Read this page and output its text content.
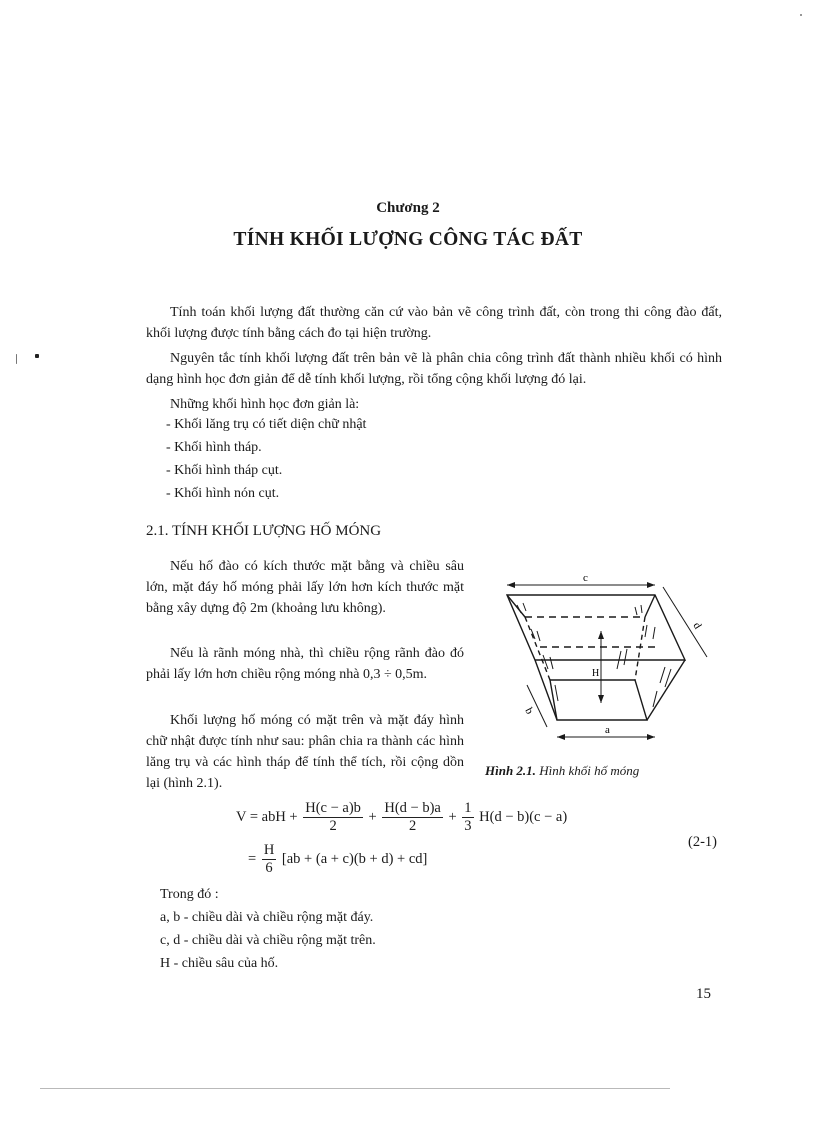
Chương 2
TÍNH KHỐI LƯỢNG CÔNG TÁC ĐẤT
Tính toán khối lượng đất thường căn cứ vào bản vẽ công trình đất, còn trong thi công đào đất, khối lượng được tính bằng cách đo tại hiện trường.
Nguyên tắc tính khối lượng đất trên bản vẽ là phân chia công trình đất thành nhiều khối có hình dạng hình học đơn giản để dễ tính khối lượng, rồi tổng cộng khối lượng đó lại.
Những khối hình học đơn giản là:
- Khối lăng trụ có tiết diện chữ nhật
- Khối hình tháp.
- Khối hình tháp cụt.
- Khối hình nón cụt.
2.1. TÍNH KHỐI LƯỢNG HỐ MÓNG
Nếu hố đào có kích thước mặt bằng và chiều sâu lớn, mặt đáy hố móng phải lấy lớn hơn kích thước mặt bằng xây dựng độ 2m (khoảng lưu không).
Nếu là rãnh móng nhà, thì chiều rộng rãnh đào đó phải lấy lớn hơn chiều rộng móng nhà 0,3 ÷ 0,5m.
Khối lượng hố móng có mặt trên và mặt đáy hình chữ nhật được tính như sau: phân chia ra thành các hình lăng trụ và các hình tháp để tính thể tích, rồi cộng dồn lại (hình 2.1).
c
d
b
a
H
Hình 2.1. Hình khối hố móng
V = abH + $\frac{H(c - a)b}{2} + \frac{H(d - b)a}{2} + \frac{1}{3} H(d - b)(c - a)$
= $\frac{H}{6} [ab + (a + c)(b + d) + cd]$
(2-1)
Trong đó :
a, b - chiều dài và chiều rộng mặt đáy.
c, d - chiều dài và chiều rộng mặt trên.
H - chiều sâu của hố.
15
